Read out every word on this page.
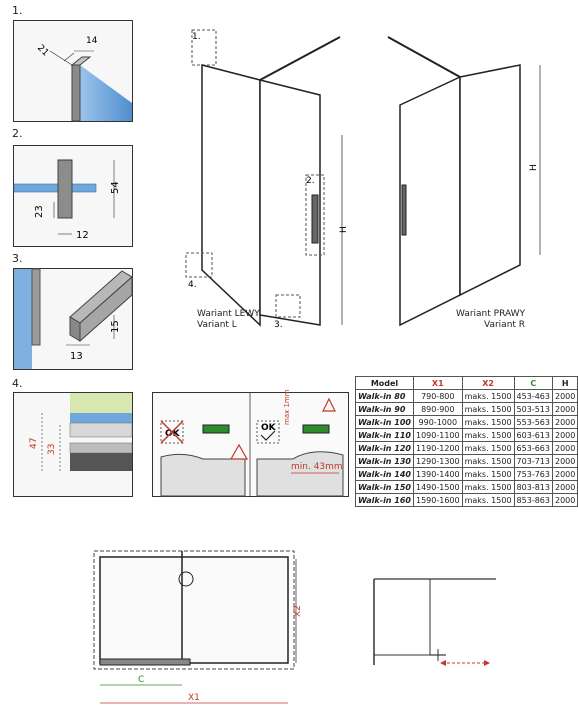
1.
2.
3.
4.
21
14
54
23
12
15
13
47
33
OK
OK
max 1mm
min. 43mm
1.
2.
4.
3.
H
Wariant LEWY
Variant L
H
Wariant PRAWY
Variant R
Model	X1	X2	C	H
Walk-in 80	790-800	maks. 1500	453-463	2000
Walk-in 90	890-900	maks. 1500	503-513	2000
Walk-in 100	990-1000	maks. 1500	553-563	2000
Walk-in 110	1090-1100	maks. 1500	603-613	2000
Walk-in 120	1190-1200	maks. 1500	653-663	2000
Walk-in 130	1290-1300	maks. 1500	703-713	2000
Walk-in 140	1390-1400	maks. 1500	753-763	2000
Walk-in 150	1490-1500	maks. 1500	803-813	2000
Walk-in 160	1590-1600	maks. 1500	853-863	2000
X2
C
X1
